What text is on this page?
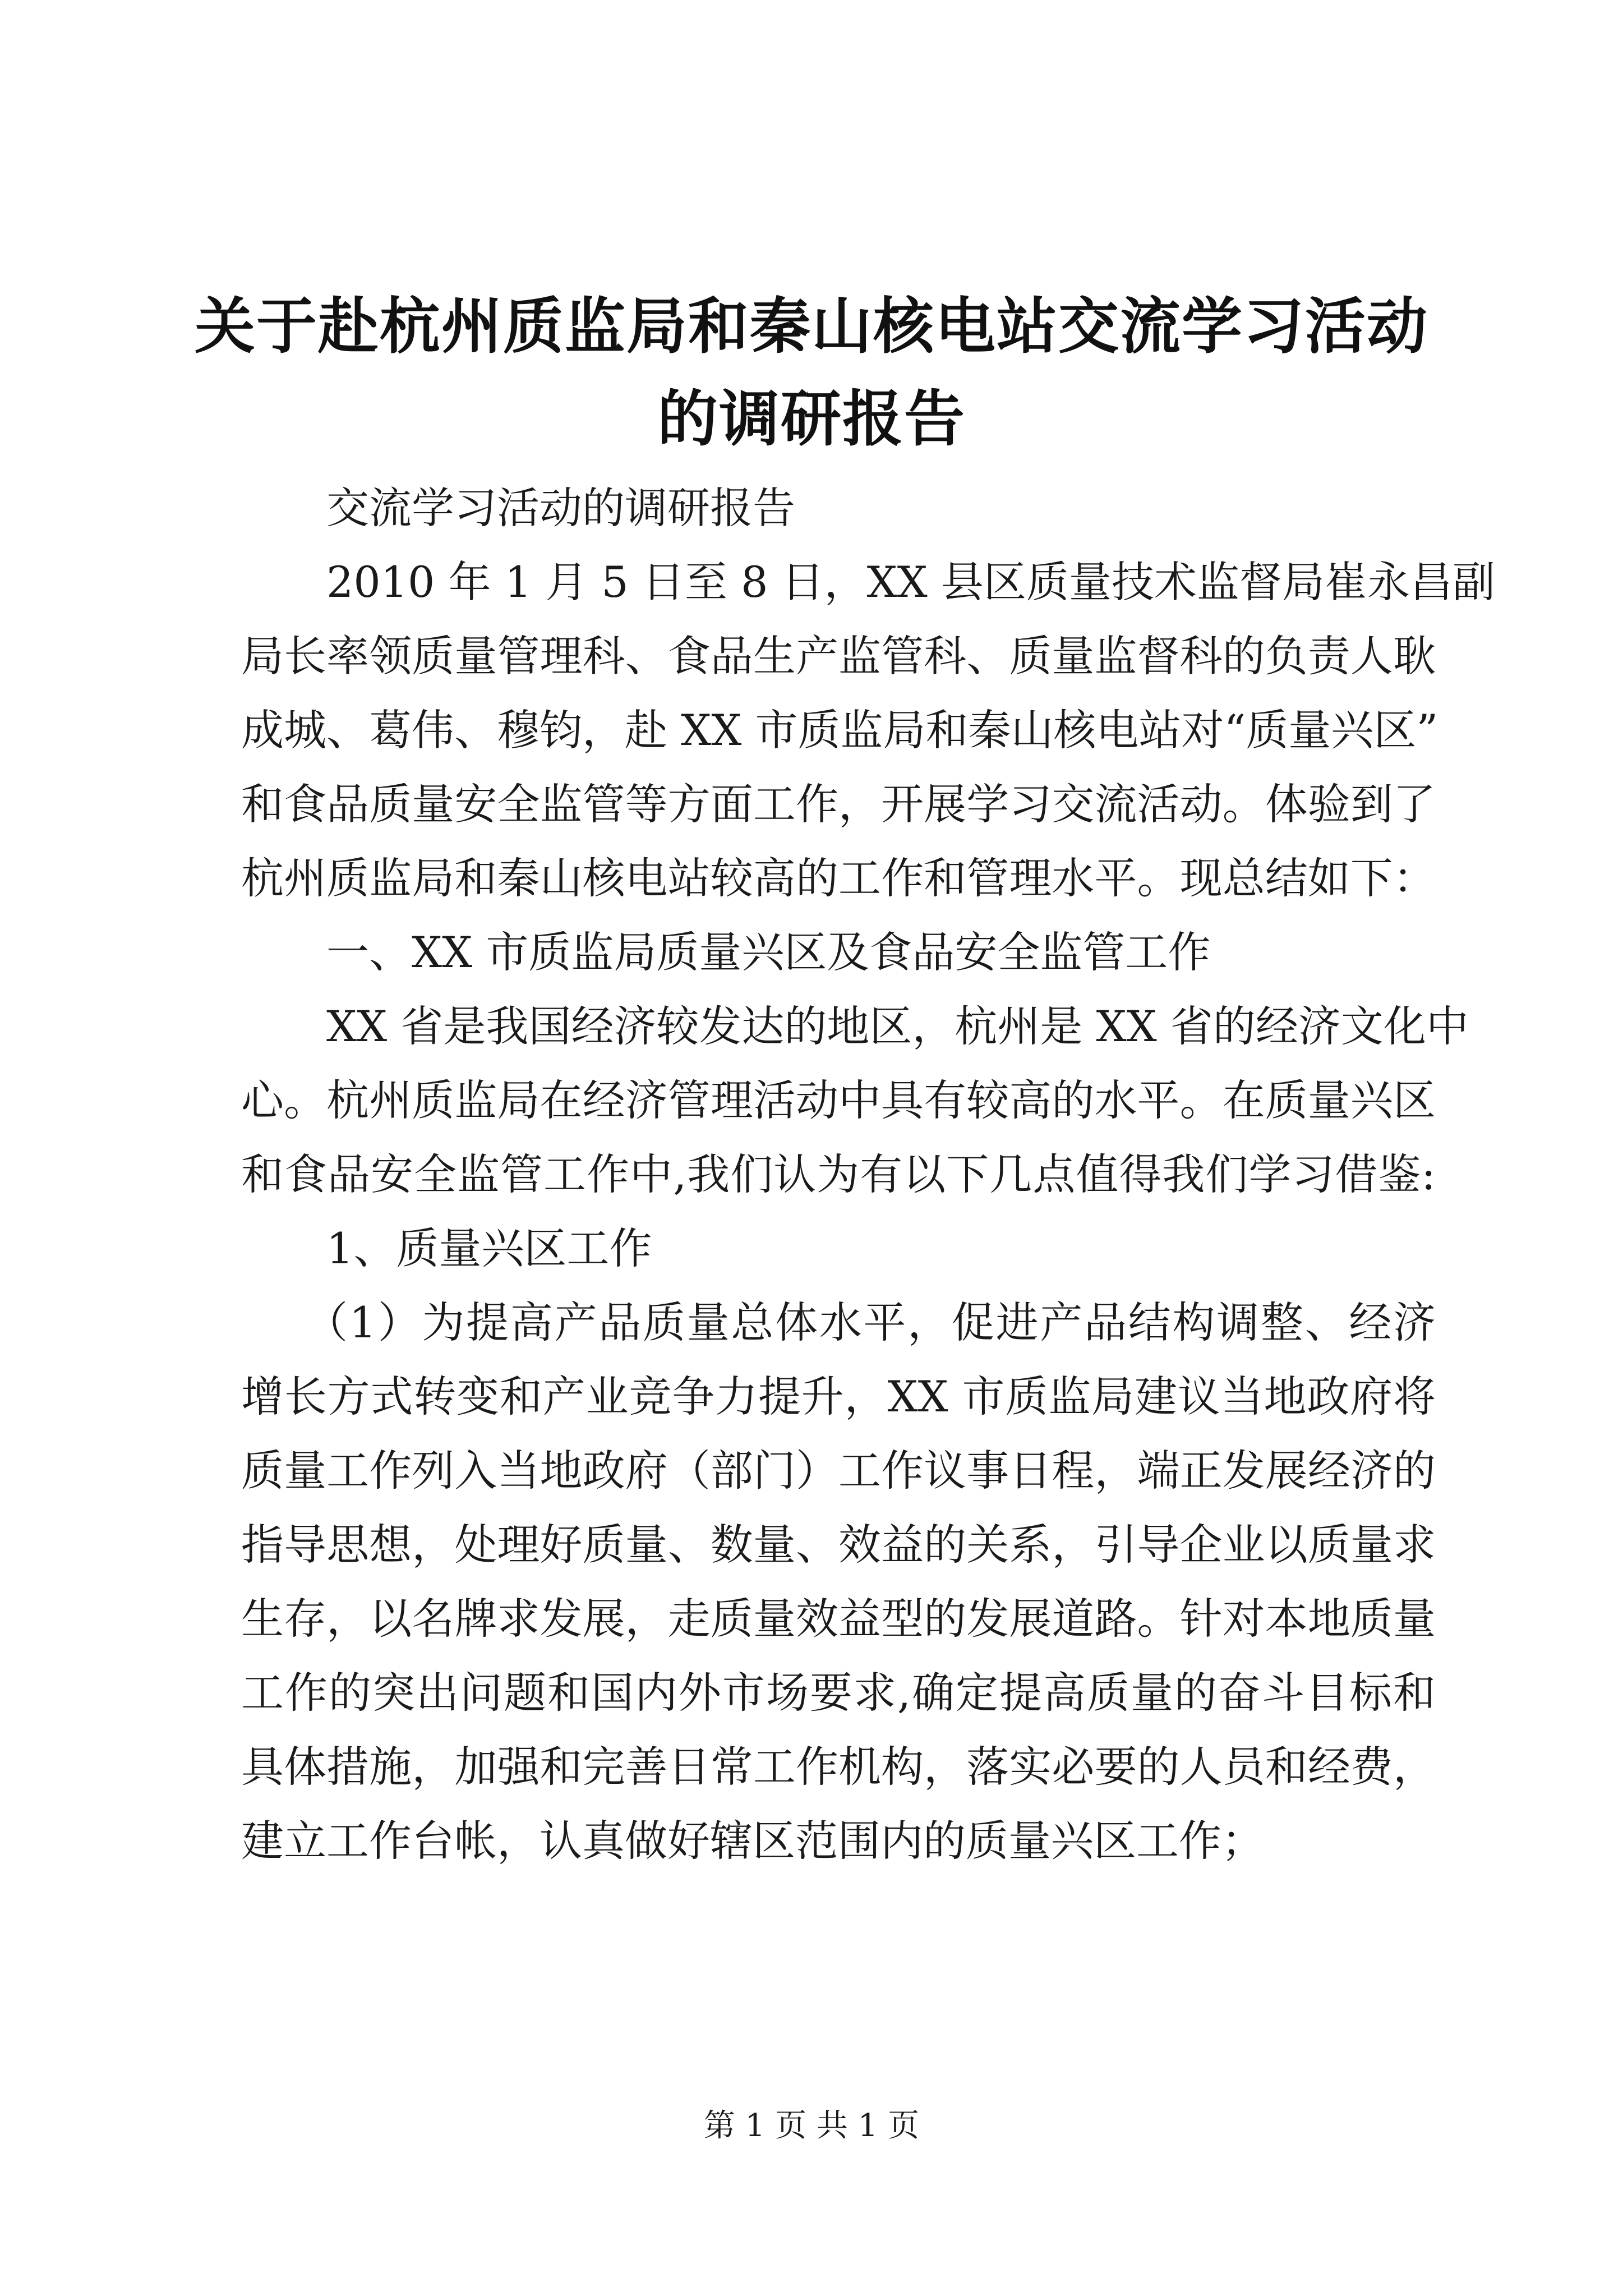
关于赴杭州质监局和秦山核电站交流学习活动
的调研报告

交流学习活动的调研报告

2010 年 1 月 5 日至 8 日，XX 县区质量技术监督局崔永昌副
局长率领质量管理科、食品生产监管科、质量监督科的负责人耿
成城、葛伟、穆钧，赴 XX 市质监局和秦山核电站对“质量兴区”
和食品质量安全监管等方面工作，开展学习交流活动。体验到了
杭州质监局和秦山核电站较高的工作和管理水平。现总结如下：

一、XX 市质监局质量兴区及食品安全监管工作

XX 省是我国经济较发达的地区，杭州是 XX 省的经济文化中
心。杭州质监局在经济管理活动中具有较高的水平。在质量兴区
和食品安全监管工作中,我们认为有以下几点值得我们学习借鉴:

1、质量兴区工作

（1）为提高产品质量总体水平，促进产品结构调整、经济
增长方式转变和产业竞争力提升，XX 市质监局建议当地政府将
质量工作列入当地政府（部门）工作议事日程，端正发展经济的
指导思想，处理好质量、数量、效益的关系，引导企业以质量求
生存，以名牌求发展，走质量效益型的发展道路。针对本地质量
工作的突出问题和国内外市场要求,确定提高质量的奋斗目标和
具体措施，加强和完善日常工作机构，落实必要的人员和经费，
建立工作台帐，认真做好辖区范围内的质量兴区工作；

第 1 页 共 1 页
